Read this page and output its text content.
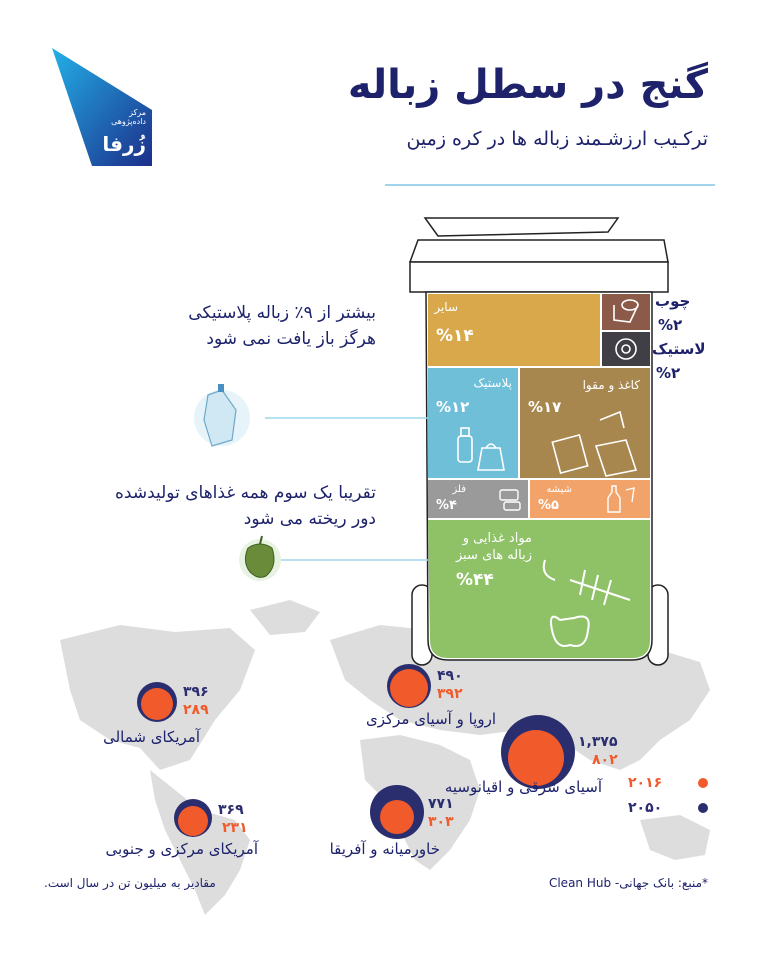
مرکز
داده‌پژوهی
زُرفا
گنج در سطل زباله
ترکـیب ارزشـمند زباله ها در کره زمین
بیشتر از ۹٪ زباله پلاستیکی
هرگز باز یافت نمی شود
تقریبا یک سوم همه غذاهای تولیدشده
دور ریخته می شود
سایر
%۱۴
چوب
%۲
لاستیک
%۲
پلاستیک
%۱۲
کاغذ و مقوا
%۱۷
فلز
%۴
شیشه
%۵
مواد غذایی و
زباله های سبز
%۴۴
۳۹۶
۲۸۹
آمریکای شمالی
۴۹۰
۳۹۲
اروپا و آسیای مرکزی
۱,۳۷۵
۸۰۲
آسیای شرقی و اقیانوسیه
۳۶۹
۲۳۱
آمریکای مرکزی و جنوبی
۷۷۱
۳۰۳
خاورمیانه و آفریقا
۲۰۱۶
۲۰۵۰
مقادیر به میلیون تن در سال است.	*منبع: بانک جهانی- Clean Hub
